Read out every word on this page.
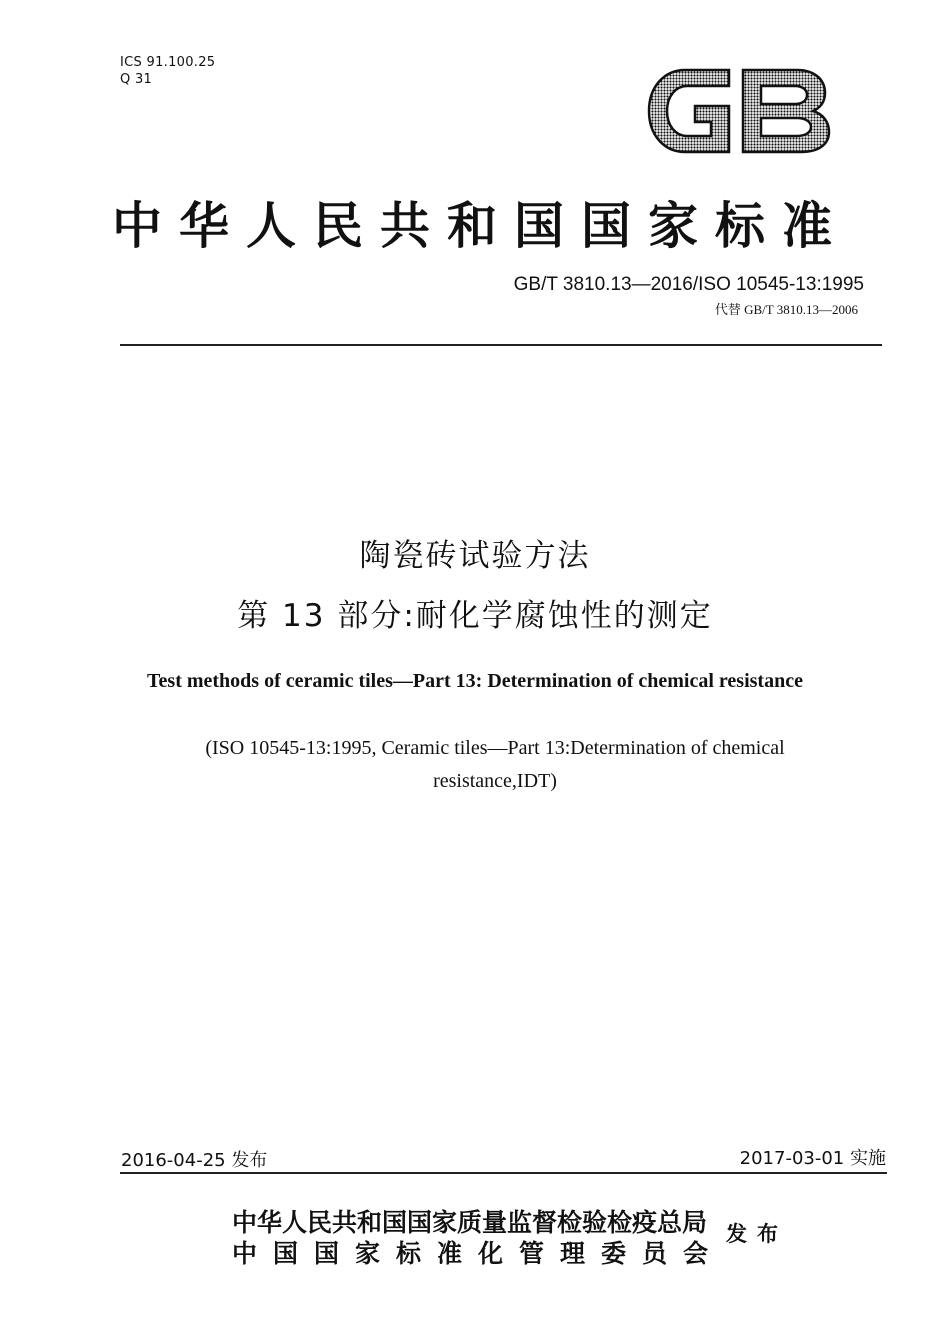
ICS 91.100.25
Q 31
中华人民共和国国家标准
GB/T 3810.13—2016/ISO 10545-13:1995
代替 GB/T 3810.13—2006
陶瓷砖试验方法
第 13 部分:耐化学腐蚀性的测定
Test methods of ceramic tiles—Part 13: Determination of chemical resistance
(ISO 10545-13:1995, Ceramic tiles—Part 13:Determination of chemical
resistance,IDT)
2016-04-25 发布	2017-03-01 实施
中华人民共和国国家质量监督检验检疫总局
中国国家标准化管理委员会
发布
